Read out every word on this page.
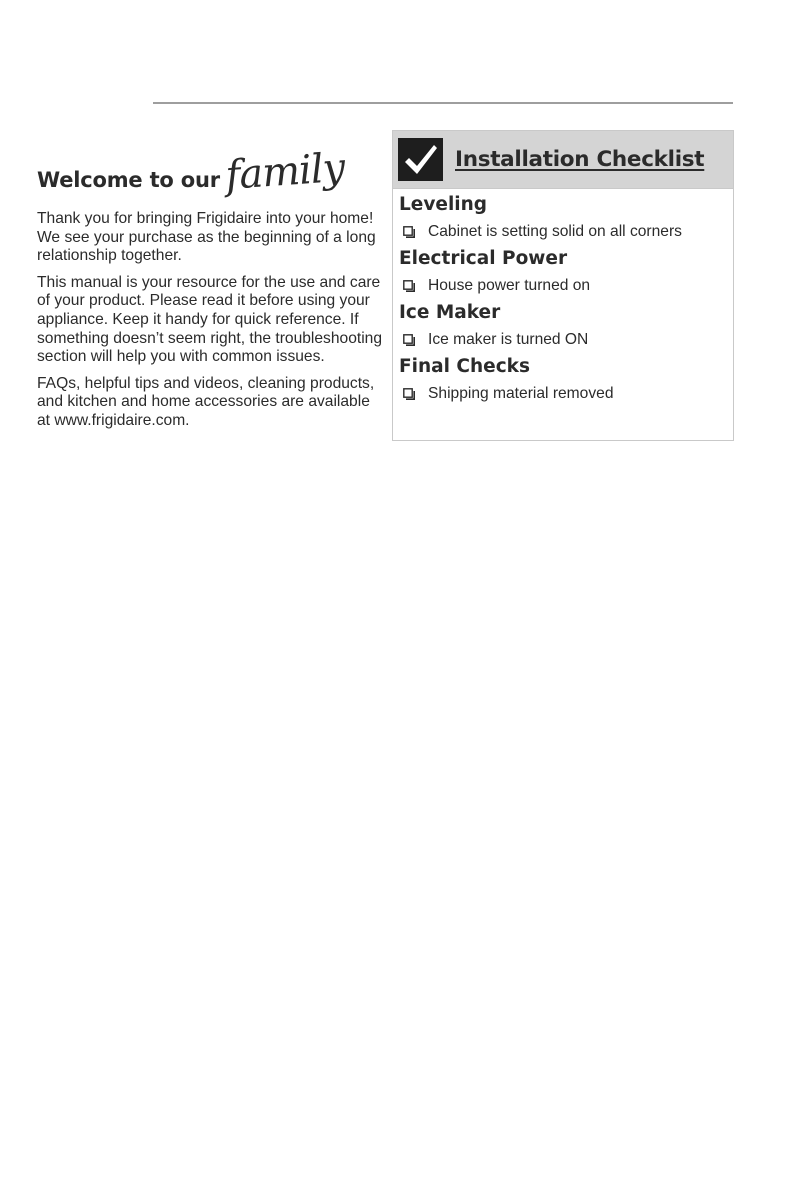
Welcome to our family

Thank you for bringing Frigidaire into your home! We see your purchase as the beginning of a long relationship together.

This manual is your resource for the use and care of your product. Please read it before using your appliance. Keep it handy for quick reference. If something doesn’t seem right, the troubleshooting section will help you with common issues.

FAQs, helpful tips and videos, cleaning products, and kitchen and home accessories are available at www.frigidaire.com.

Installation Checklist
Leveling
Cabinet is setting solid on all corners
Electrical Power
House power turned on
Ice Maker
Ice maker is turned ON
Final Checks
Shipping material removed
